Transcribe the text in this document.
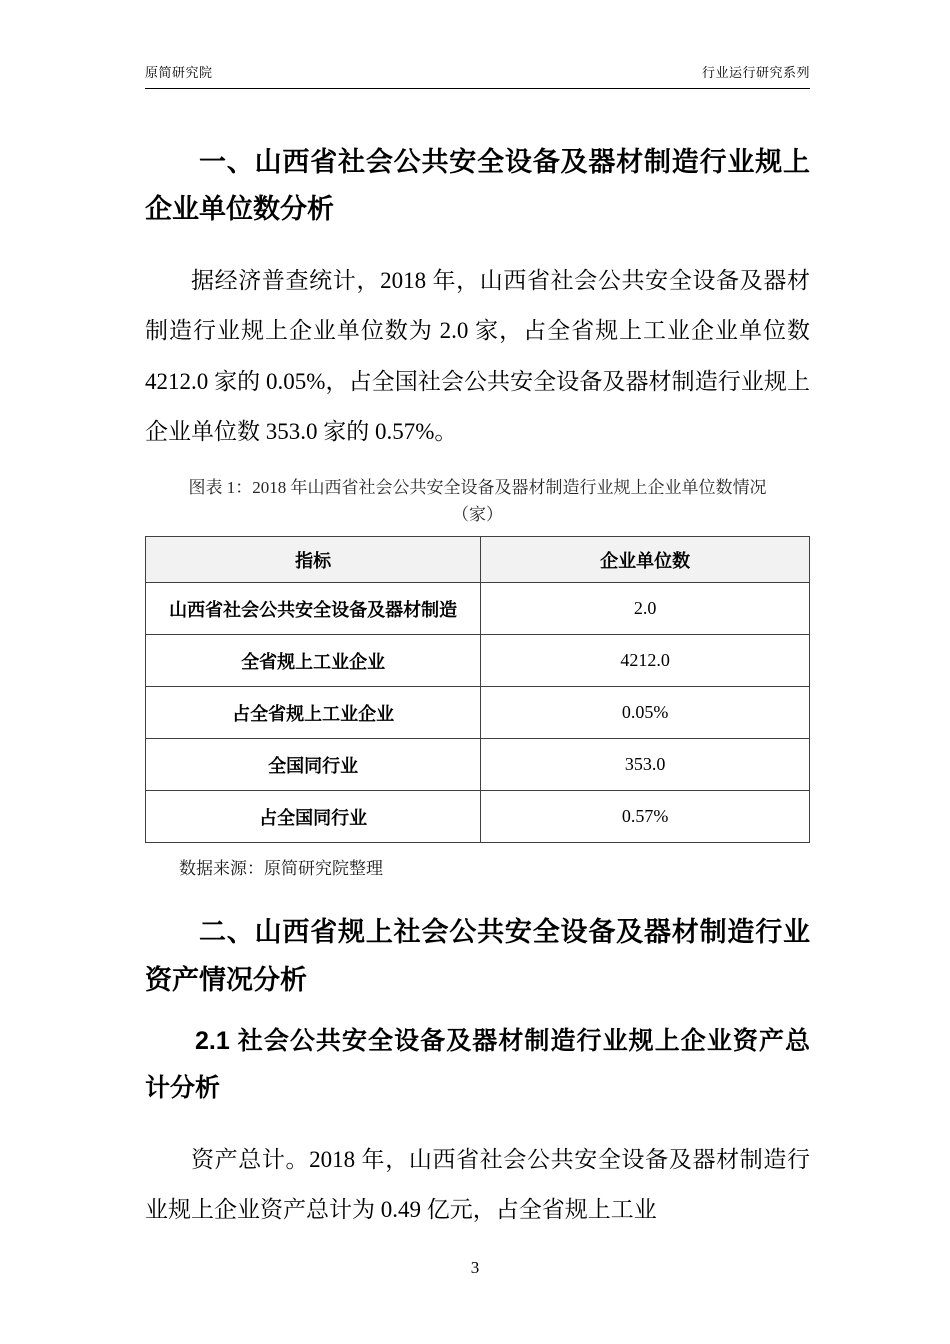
原简研究院	行业运行研究系列
一、山西省社会公共安全设备及器材制造行业规上企业单位数分析
据经济普查统计，2018 年，山西省社会公共安全设备及器材制造行业规上企业单位数为 2.0 家，占全省规上工业企业单位数 4212.0 家的 0.05%，占全国社会公共安全设备及器材制造行业规上企业单位数 353.0 家的 0.57%。
图表 1：2018 年山西省社会公共安全设备及器材制造行业规上企业单位数情况
（家）
指标	企业单位数
山西省社会公共安全设备及器材制造	2.0
全省规上工业企业	4212.0
占全省规上工业企业	0.05%
全国同行业	353.0
占全国同行业	0.57%
数据来源：原简研究院整理
二、山西省规上社会公共安全设备及器材制造行业资产情况分析
2.1 社会公共安全设备及器材制造行业规上企业资产总计分析
资产总计。2018 年，山西省社会公共安全设备及器材制造行业规上企业资产总计为 0.49 亿元，占全省规上工业
3
